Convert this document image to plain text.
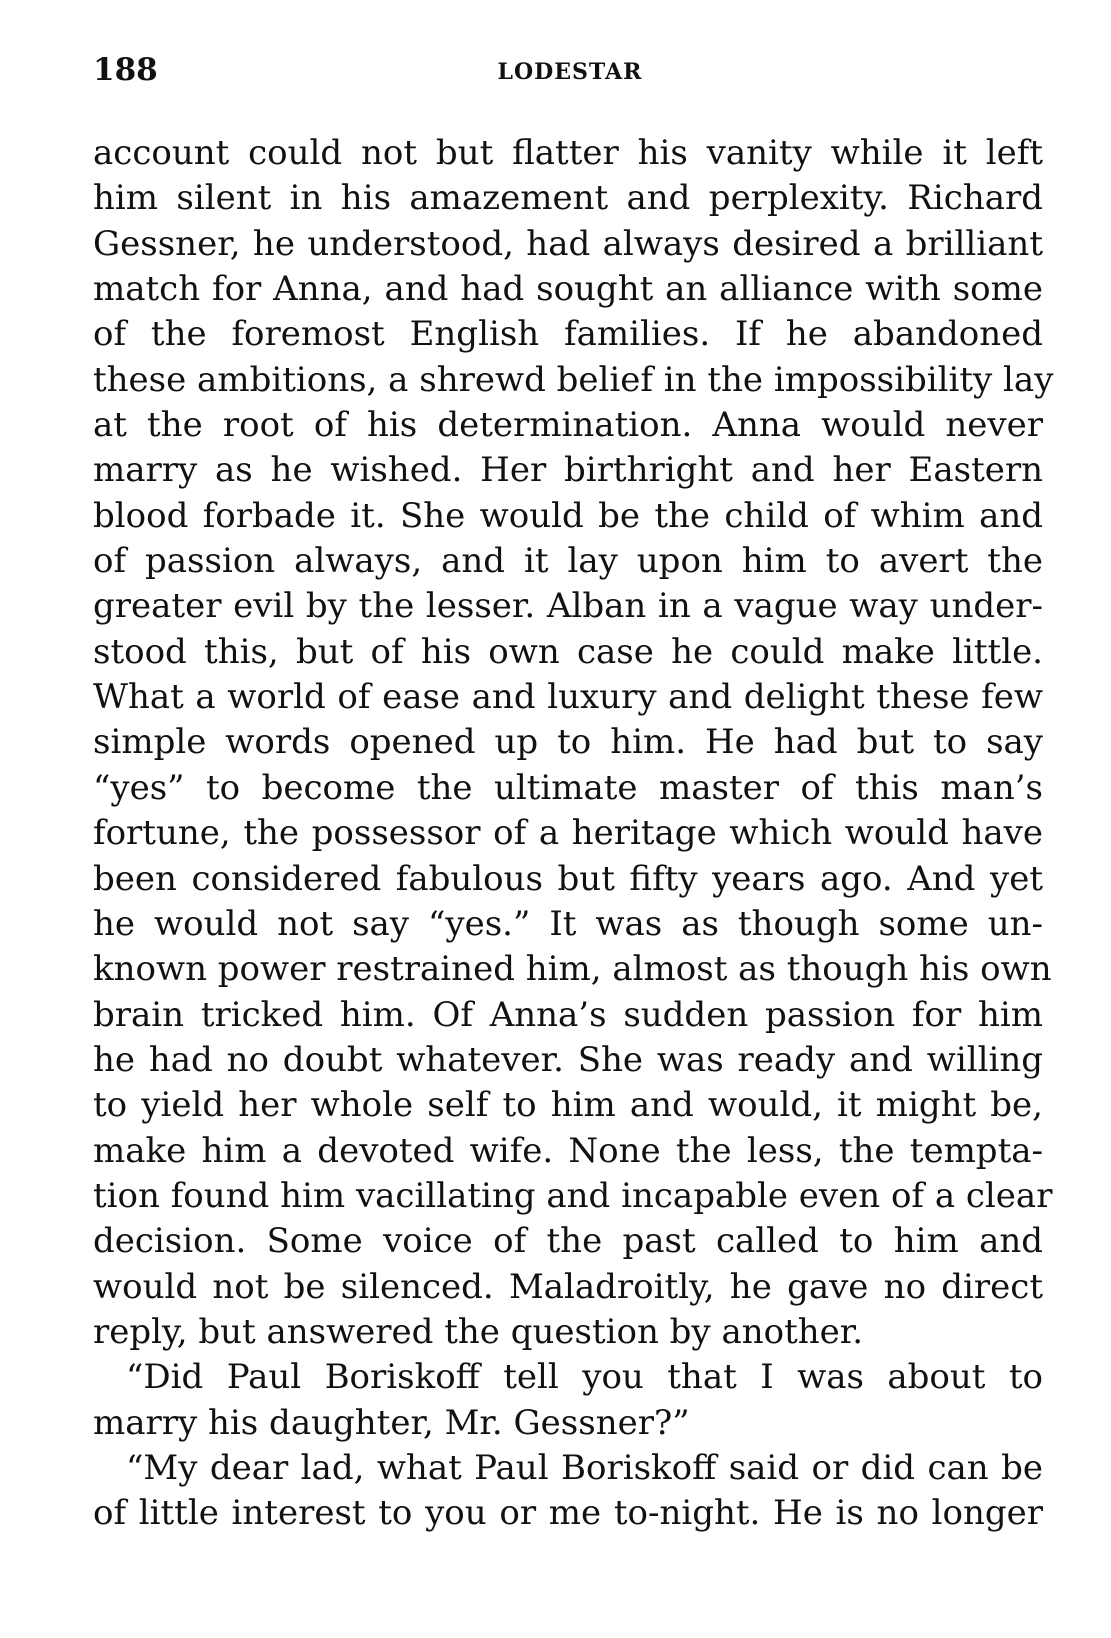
188	LODESTAR
account could not but flatter his vanity while it left
him silent in his amazement and perplexity. Richard
Gessner, he understood, had always desired a brilliant
match for Anna, and had sought an alliance with some
of the foremost English families. If he abandoned
these ambitions, a shrewd belief in the impossibility lay
at the root of his determination. Anna would never
marry as he wished. Her birthright and her Eastern
blood forbade it. She would be the child of whim and
of passion always, and it lay upon him to avert the
greater evil by the lesser. Alban in a vague way under-
stood this, but of his own case he could make little.
What a world of ease and luxury and delight these few
simple words opened up to him. He had but to say
“yes” to become the ultimate master of this man’s
fortune, the possessor of a heritage which would have
been considered fabulous but fifty years ago. And yet
he would not say “yes.” It was as though some un-
known power restrained him, almost as though his own
brain tricked him. Of Anna’s sudden passion for him
he had no doubt whatever. She was ready and willing
to yield her whole self to him and would, it might be,
make him a devoted wife. None the less, the tempta-
tion found him vacillating and incapable even of a clear
decision. Some voice of the past called to him and
would not be silenced. Maladroitly, he gave no direct
reply, but answered the question by another.
“Did Paul Boriskoff tell you that I was about to
marry his daughter, Mr. Gessner?”
“My dear lad, what Paul Boriskoff said or did can be
of little interest to you or me to-night. He is no longer
